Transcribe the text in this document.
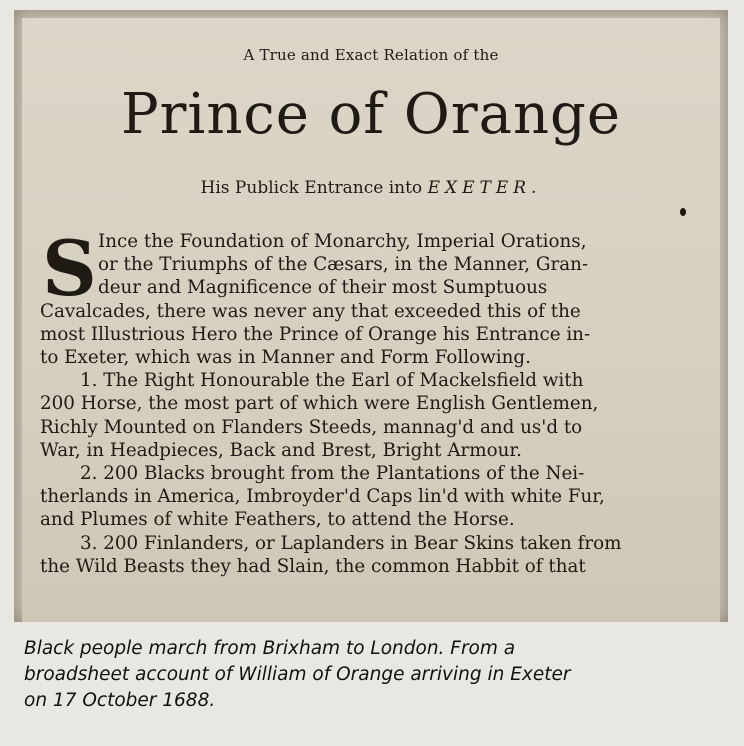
A True and Exact Relation of the
Prince of Orange
His Publick Entrance into EXETER.
S Ince the Foundation of Monarchy, Imperial Orations,
or the Triumphs of the Cæsars, in the Manner, Gran-
deur and Magnificence of their most Sumptuous
Cavalcades, there was never any that exceeded this of the
most Illustrious Hero the Prince of Orange his Entrance in-
to Exeter, which was in Manner and Form Following.
1. The Right Honourable the Earl of Mackelsfield with
200 Horse, the most part of which were English Gentlemen,
Richly Mounted on Flanders Steeds, mannag'd and us'd to
War, in Headpieces, Back and Brest, Bright Armour.
2. 200 Blacks brought from the Plantations of the Nei-
therlands in America, Imbroyder'd Caps lin'd with white Fur,
and Plumes of white Feathers, to attend the Horse.
3. 200 Finlanders, or Laplanders in Bear Skins taken from
the Wild Beasts they had Slain, the common Habbit of that
Black people march from Brixham to London. From a
broadsheet account of William of Orange arriving in Exeter
on 17 October 1688.
